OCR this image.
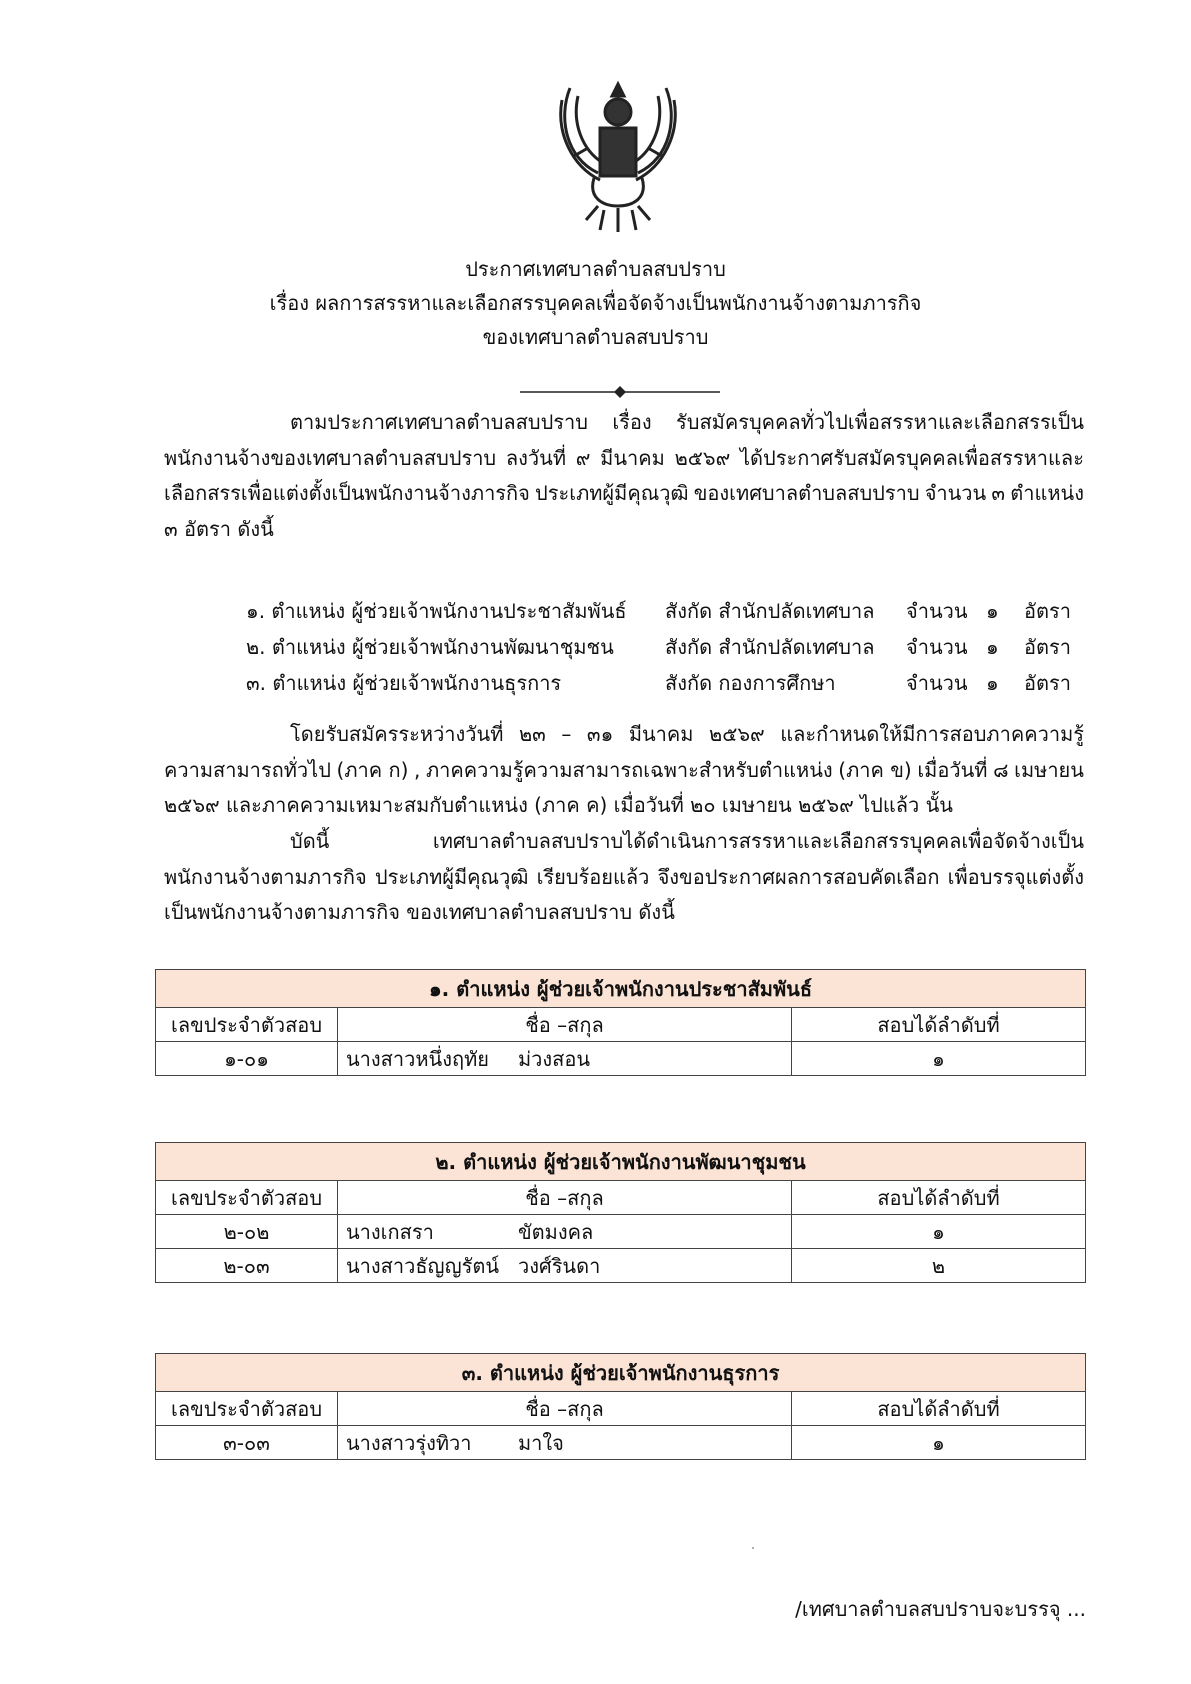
ประกาศเทศบาลตำบลสบปราบ
เรื่อง ผลการสรรหาและเลือกสรรบุคคลเพื่อจัดจ้างเป็นพนักงานจ้างตามภารกิจ
ของเทศบาลตำบลสบปราบ
ตามประกาศเทศบาลตำบลสบปราบ เรื่อง รับสมัครบุคคลทั่วไปเพื่อสรรหาและเลือกสรรเป็น
พนักงานจ้างของเทศบาลตำบลสบปราบ ลงวันที่ ๙ มีนาคม ๒๕๖๙ ได้ประกาศรับสมัครบุคคลเพื่อสรรหาและ
เลือกสรรเพื่อแต่งตั้งเป็นพนักงานจ้างภารกิจ ประเภทผู้มีคุณวุฒิ ของเทศบาลตำบลสบปราบ จำนวน ๓ ตำแหน่ง
๓ อัตรา ดังนี้
๑. ตำแหน่ง ผู้ช่วยเจ้าพนักงานประชาสัมพันธ์ สังกัด สำนักปลัดเทศบาล จำนวน ๑ อัตรา
๒. ตำแหน่ง ผู้ช่วยเจ้าพนักงานพัฒนาชุมชน	สังกัด สำนักปลัดเทศบาล จำนวน ๑ อัตรา
๓. ตำแหน่ง ผู้ช่วยเจ้าพนักงานธุรการ	สังกัด กองการศึกษา	จำนวน ๑ อัตรา
โดยรับสมัครระหว่างวันที่ ๒๓ – ๓๑ มีนาคม ๒๕๖๙ และกำหนดให้มีการสอบภาคความรู้
ความสามารถทั่วไป (ภาค ก) , ภาคความรู้ความสามารถเฉพาะสำหรับตำแหน่ง (ภาค ข) เมื่อวันที่ ๘ เมษายน
๒๕๖๙ และภาคความเหมาะสมกับตำแหน่ง (ภาค ค) เมื่อวันที่ ๒๐ เมษายน ๒๕๖๙ ไปแล้ว นั้น
บัดนี้	เทศบาลตำบลสบปราบได้ดำเนินการสรรหาและเลือกสรรบุคคลเพื่อจัดจ้างเป็น
พนักงานจ้างตามภารกิจ ประเภทผู้มีคุณวุฒิ เรียบร้อยแล้ว จึงขอประกาศผลการสอบคัดเลือก เพื่อบรรจุแต่งตั้ง
เป็นพนักงานจ้างตามภารกิจ ของเทศบาลตำบลสบปราบ ดังนี้
๑. ตำแหน่ง ผู้ช่วยเจ้าพนักงานประชาสัมพันธ์		
เลขประจำตัวสอบ	ชื่อ –สกุล	สอบได้ลำดับที่
๑-๐๑	นางสาวหนึ่งฤทัย ม่วงสอน	๑
๒. ตำแหน่ง ผู้ช่วยเจ้าพนักงานพัฒนาชุมชน		
เลขประจำตัวสอบ	ชื่อ –สกุล	สอบได้ลำดับที่
๒-๐๒	นางเกสรา ขัตมงคล	๑
๒-๐๓	นางสาวธัญญรัตน์ วงศ์รินดา	๒
๓. ตำแหน่ง ผู้ช่วยเจ้าพนักงานธุรการ		
เลขประจำตัวสอบ	ชื่อ –สกุล	สอบได้ลำดับที่
๓-๐๓	นางสาวรุ่งทิวา มาใจ	๑
/เทศบาลตำบลสบปราบจะบรรจุ ...
